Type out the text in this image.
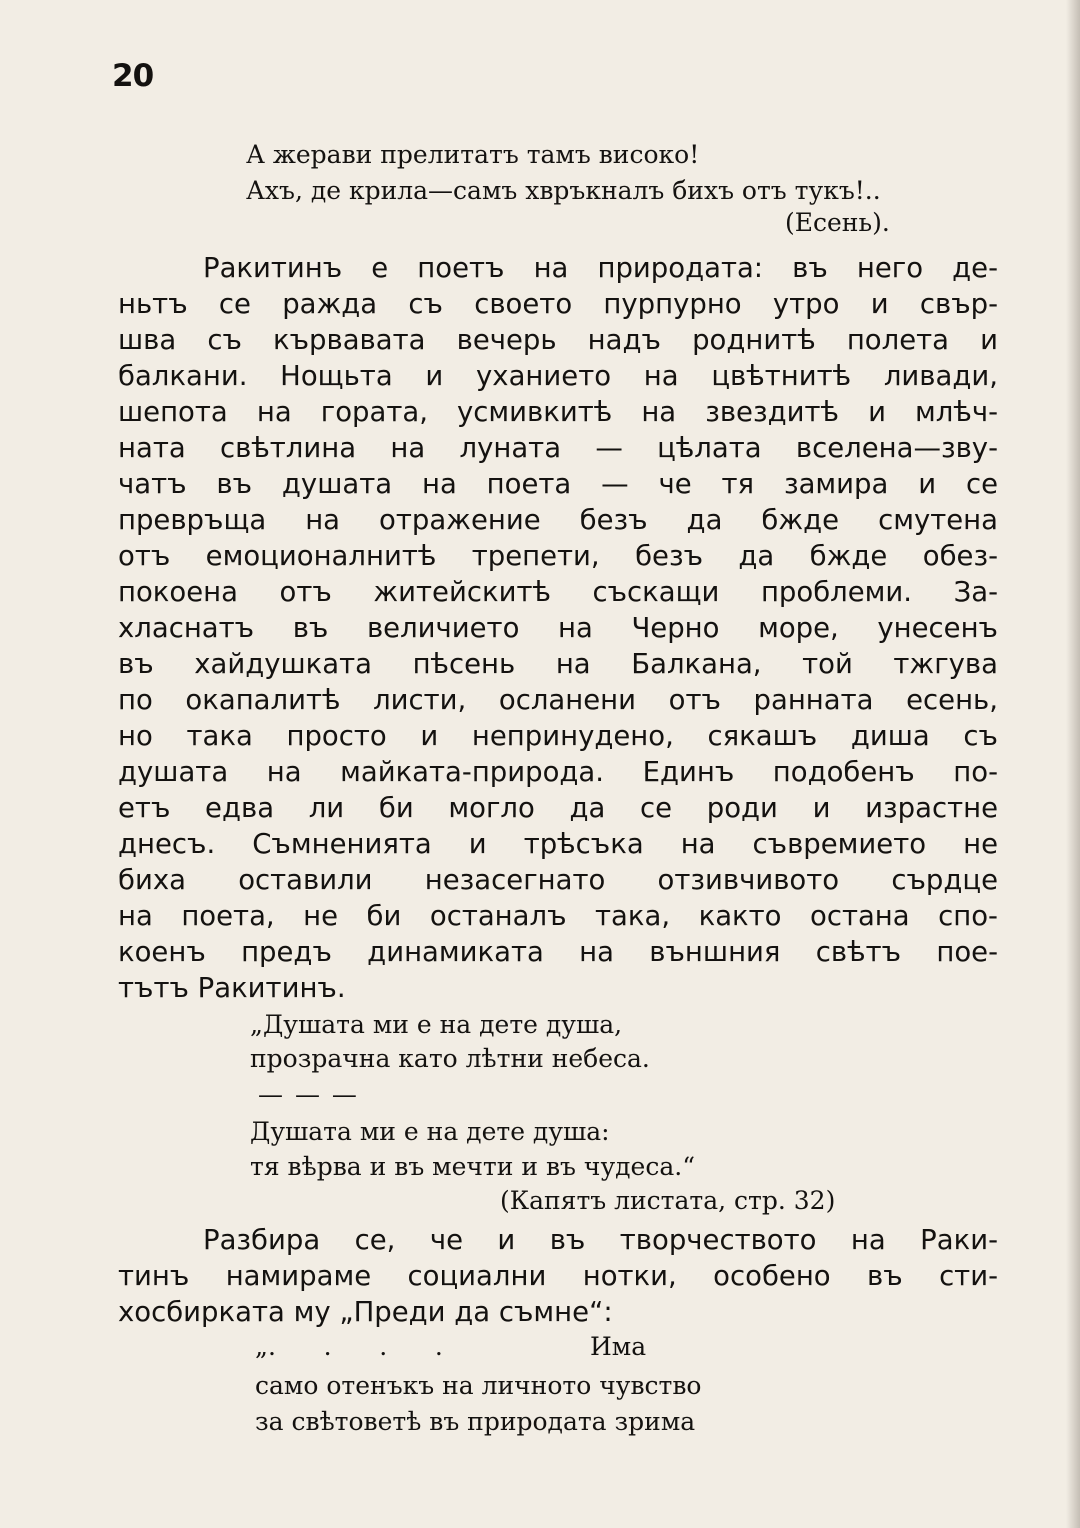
20
А жерави прелитатъ тамъ високо!
Ахъ, де крила—самъ хвръкналъ бихъ отъ тукъ!..
(Есень).
Ракитинъ е поетъ на природата: въ него де-
ньтъ се ражда съ своето пурпурно утро и свър-
шва съ кървавата вечерь надъ роднитѣ полета и
балкани. Нощьта и уханието на цвѣтнитѣ ливади,
шепота на гората, усмивкитѣ на звездитѣ и млѣч-
ната свѣтлина на луната — цѣлата вселена—зву-
чатъ въ душата на поета — че тя замира и се
превръща на отражение безъ да бжде смутена
отъ емоционалнитѣ трепети, безъ да бжде обез-
покоена отъ житейскитѣ съскащи проблеми. За-
хласнатъ въ величието на Черно море, унесенъ
въ хайдушката пѣсень на Балкана, той тжгува
по окапалитѣ листи, осланени отъ ранната есень,
но така просто и непринудено, сякашъ диша съ
душата на майката-природа. Единъ подобенъ по-
етъ едва ли би могло да се роди и израстне
днесъ. Съмненията и трѣсъка на съвремието не
биха оставили незасегнато отзивчивото сърдце
на поета, не би останалъ така, както остана спо-
коенъ предъ динамиката на външния свѣтъ пое-
тътъ Ракитинъ.
„Душата ми е на дете душа,
прозрачна като лѣтни небеса.
— — —
Душата ми е на дете душа:
тя вѣрва и въ мечти и въ чудеса.“
(Капятъ листата, стр. 32)
Разбира се, че и въ творчеството на Раки-
тинъ намираме социални нотки, особено въ сти-
хосбирката му „Преди да съмне“:
„.      .      .      .	Има
само отенъкъ на личното чувство
за свѣтоветѣ въ природата зрима
